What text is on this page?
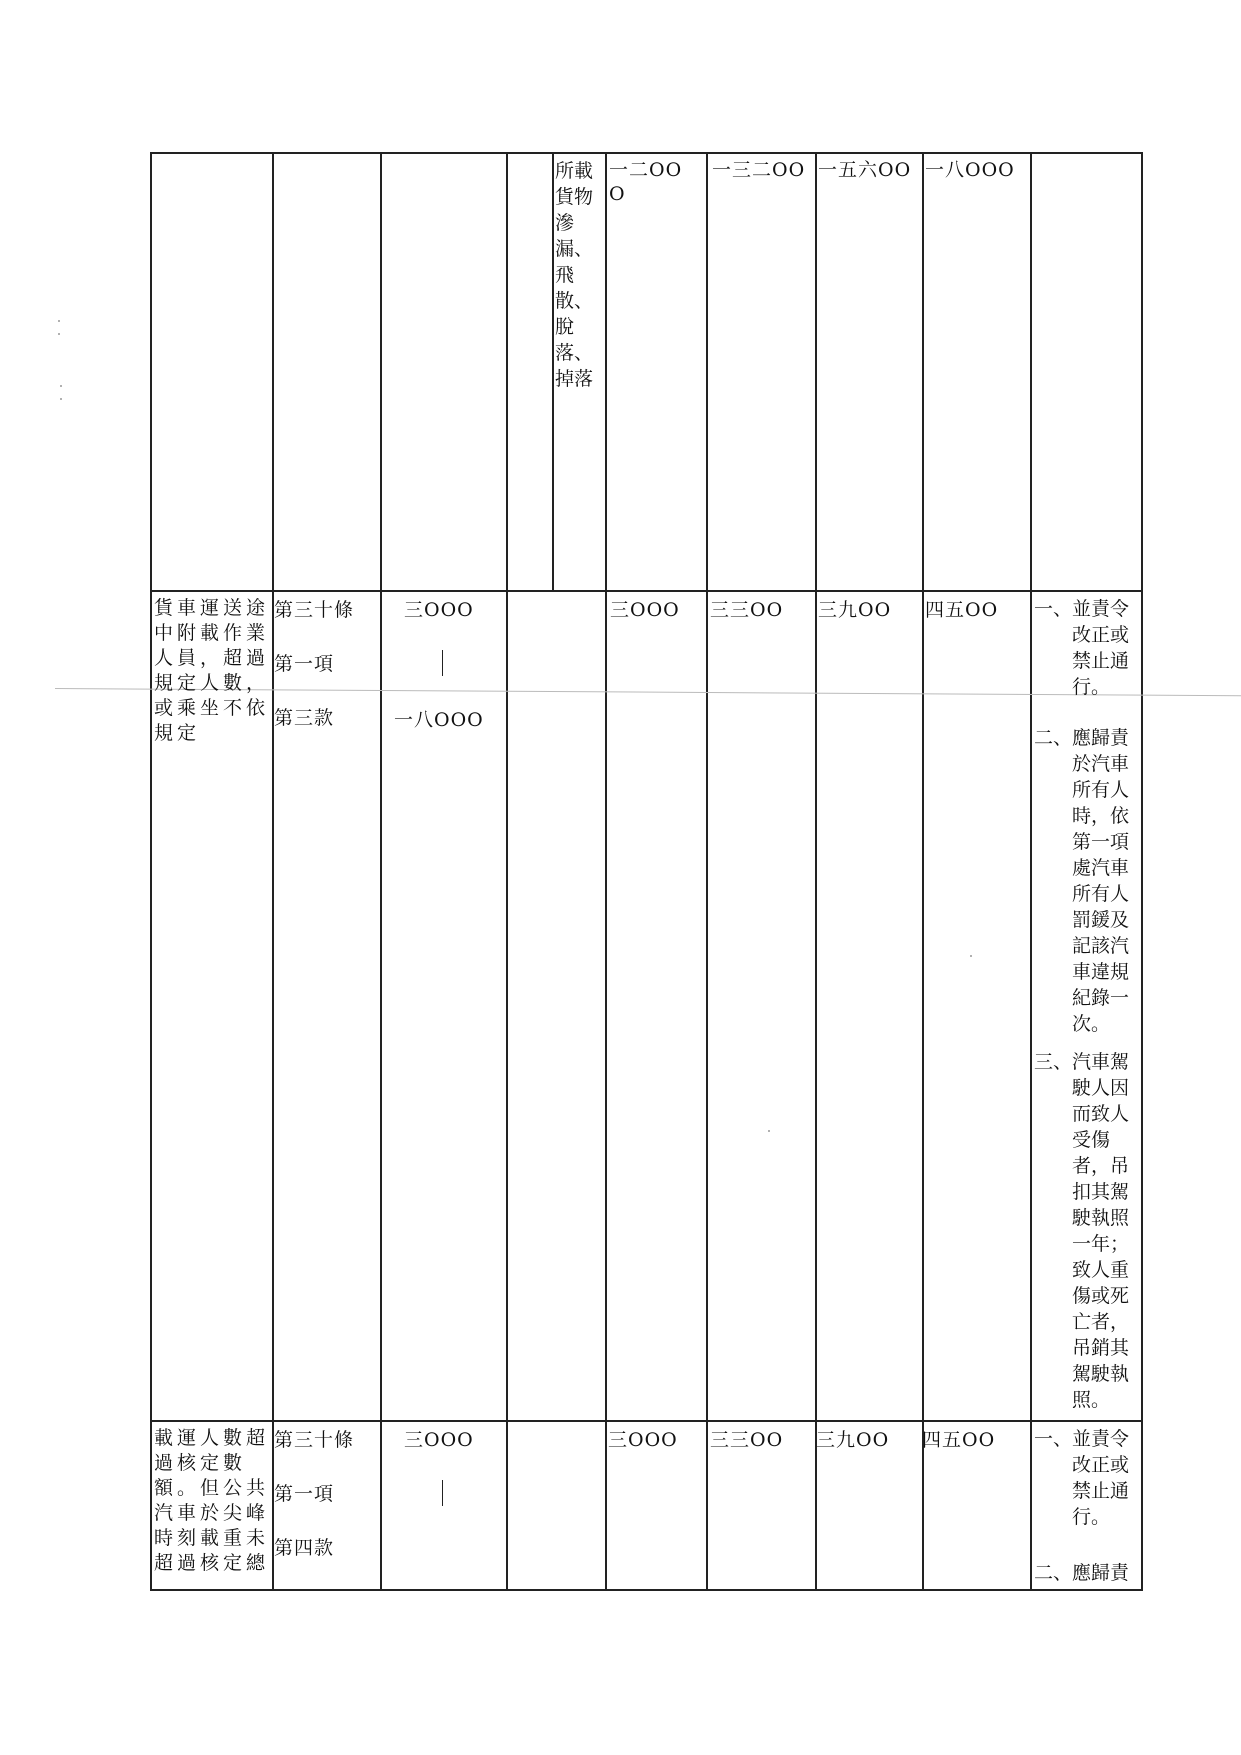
所載
貨物
滲
漏、
飛
散、
脫
落、
掉落
一二OO
O
一三二OO 一五六OO 一八OOO
貨車運送途
中附載作業
人員，超過
規定人數，
或乘坐不依
規定
第三十條
第一項
第三款
三OOO
一八OOO
三OOO 三三OO 三九OO 四五OO 一、並責令
　　改正或
　　禁止通
　　行。
二、應歸責
　　於汽車
　　所有人
　　時，依
　　第一項
　　處汽車
　　所有人
　　罰鍰及
　　記該汽
　　車違規
　　紀錄一
　　次。
三、汽車駕
　　駛人因
　　而致人
　　受傷
　　者，吊
　　扣其駕
　　駛執照
　　一年；
　　致人重
　　傷或死
　　亡者，
　　吊銷其
　　駕駛執
　　照。
載運人數超
過核定數
額。但公共
汽車於尖峰
時刻載重未
超過核定總
第三十條
第一項
第四款
三OOO	三OOO 三三OO 三九OO 四五OO 一、並責令
　　改正或
　　禁止通
　　行。
二、應歸責
